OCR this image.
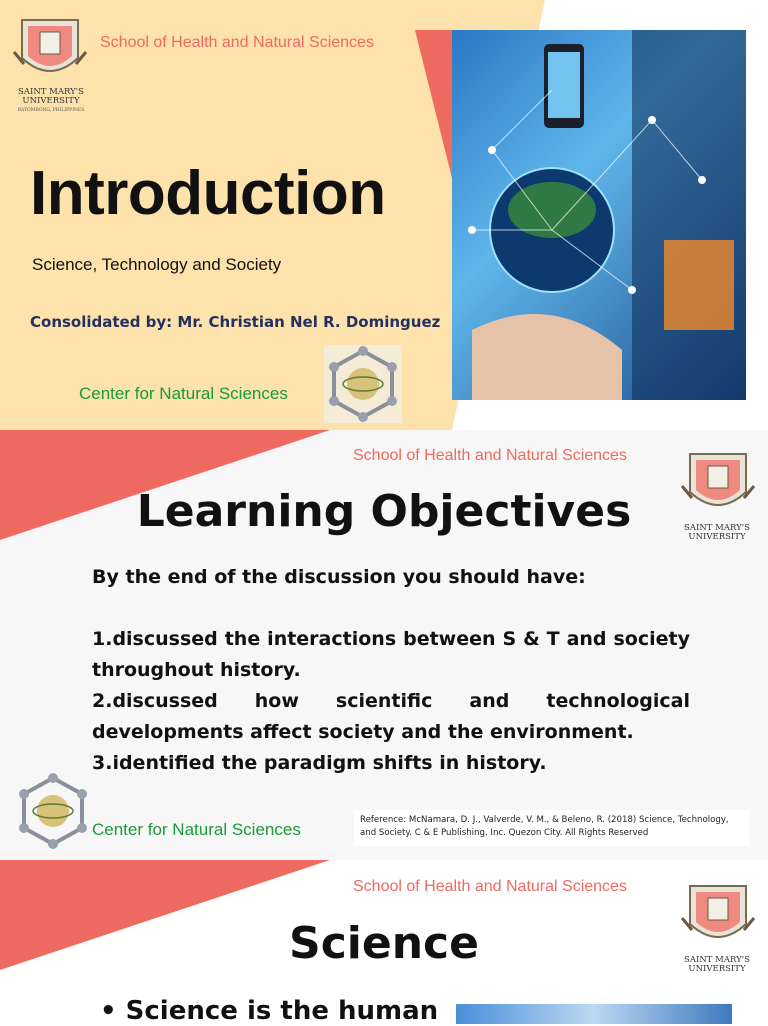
SAINT MARY'S UNIVERSITY
BAYOMBONG, PHILIPPINES
School of Health and Natural Sciences
Introduction
Science, Technology and Society
Consolidated by: Mr. Christian Nel R. Dominguez
Center for Natural Sciences
School of Health and Natural Sciences
SAINT MARY'S UNIVERSITY
Learning Objectives

By the end of the discussion you should have:

1.discussed the interactions between S & T and society throughout history.

2.discussed how scientific and technological developments affect society and the environment.

3.identified the paradigm shifts in history.

Center for Natural Sciences	Reference: McNamara, D. J., Valverde, V. M., & Beleno, R. (2018) Science, Technology, and Society. C & E Publishing, Inc. Quezon City. All Rights Reserved
School of Health and Natural Sciences
SAINT MARY'S UNIVERSITY
Science
• Science is the human
